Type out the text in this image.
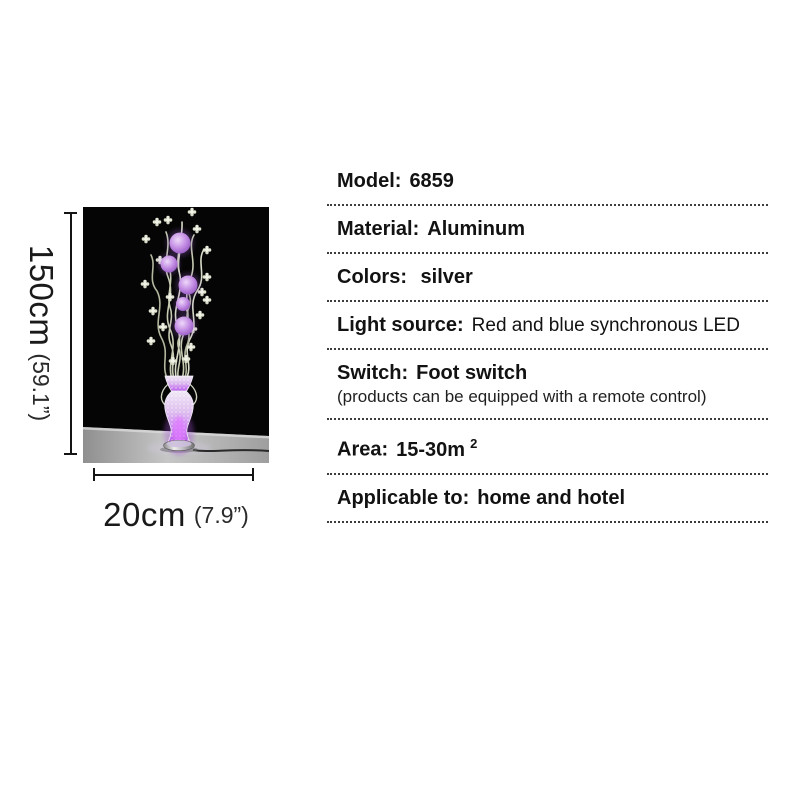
150cm
(59.1”)
20cm (7.9”)
Model: 6859
Material: Aluminum
Colors: silver
Light source: Red and blue synchronous LED
Switch: Foot switch
(products can be equipped with a remote control)
Area: 15-30m $^2$
Applicable to: home and hotel
